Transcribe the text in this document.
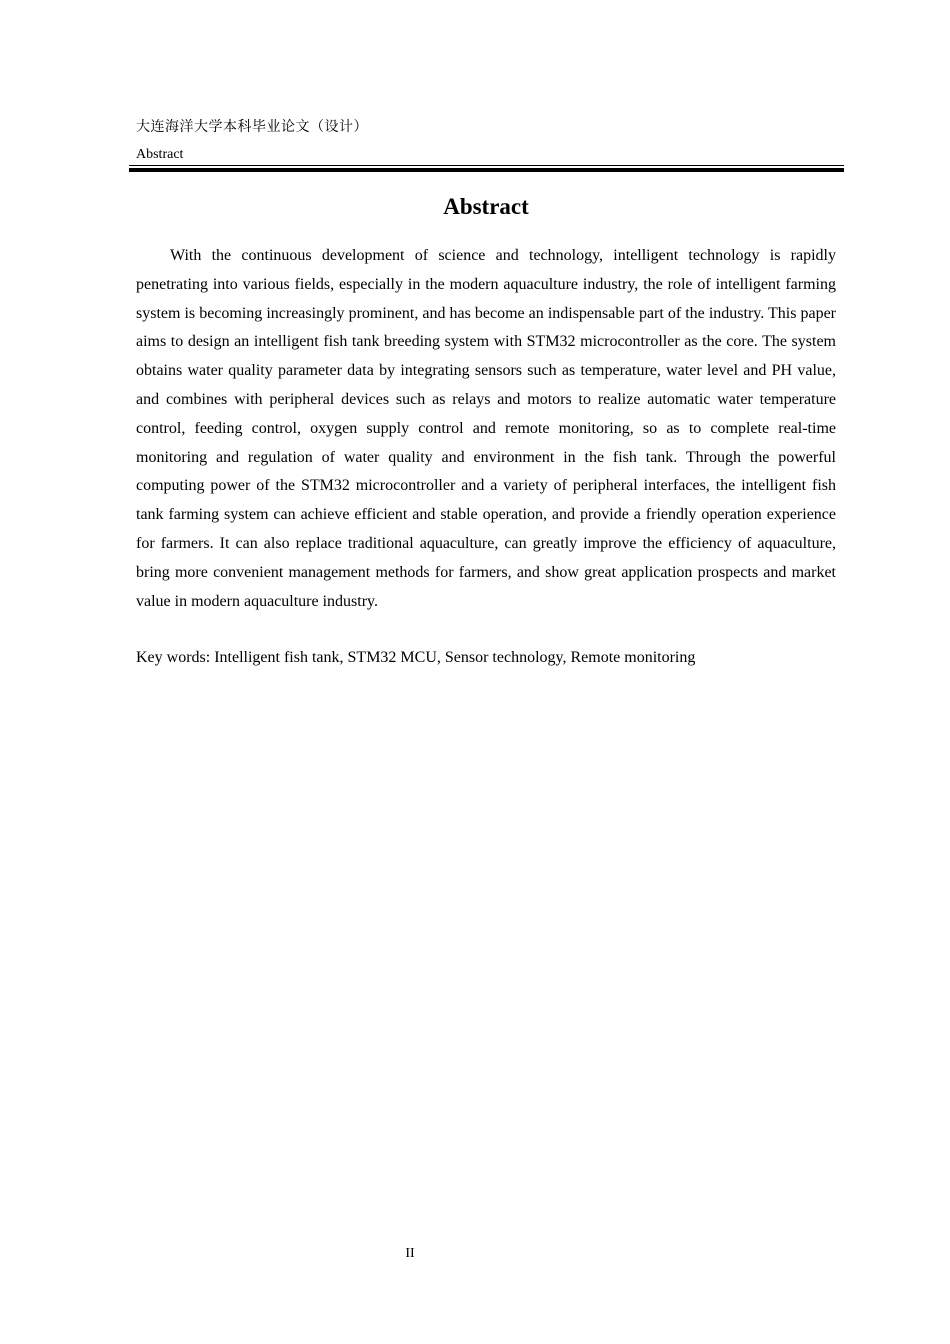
大连海洋大学本科毕业论文（设计）
Abstract
Abstract

With the continuous development of science and technology, intelligent technology is rapidly penetrating into various fields, especially in the modern aquaculture industry, the role of intelligent farming system is becoming increasingly prominent, and has become an indispensable part of the industry. This paper aims to design an intelligent fish tank breeding system with STM32 microcontroller as the core. The system obtains water quality parameter data by integrating sensors such as temperature, water level and PH value, and combines with peripheral devices such as relays and motors to realize automatic water temperature control, feeding control, oxygen supply control and remote monitoring, so as to complete real-time monitoring and regulation of water quality and environment in the fish tank. Through the powerful computing power of the STM32 microcontroller and a variety of peripheral interfaces, the intelligent fish tank farming system can achieve efficient and stable operation, and provide a friendly operation experience for farmers. It can also replace traditional aquaculture, can greatly improve the efficiency of aquaculture, bring more convenient management methods for farmers, and show great application prospects and market value in modern aquaculture industry.

Key words: Intelligent fish tank, STM32 MCU, Sensor technology, Remote monitoring
II
